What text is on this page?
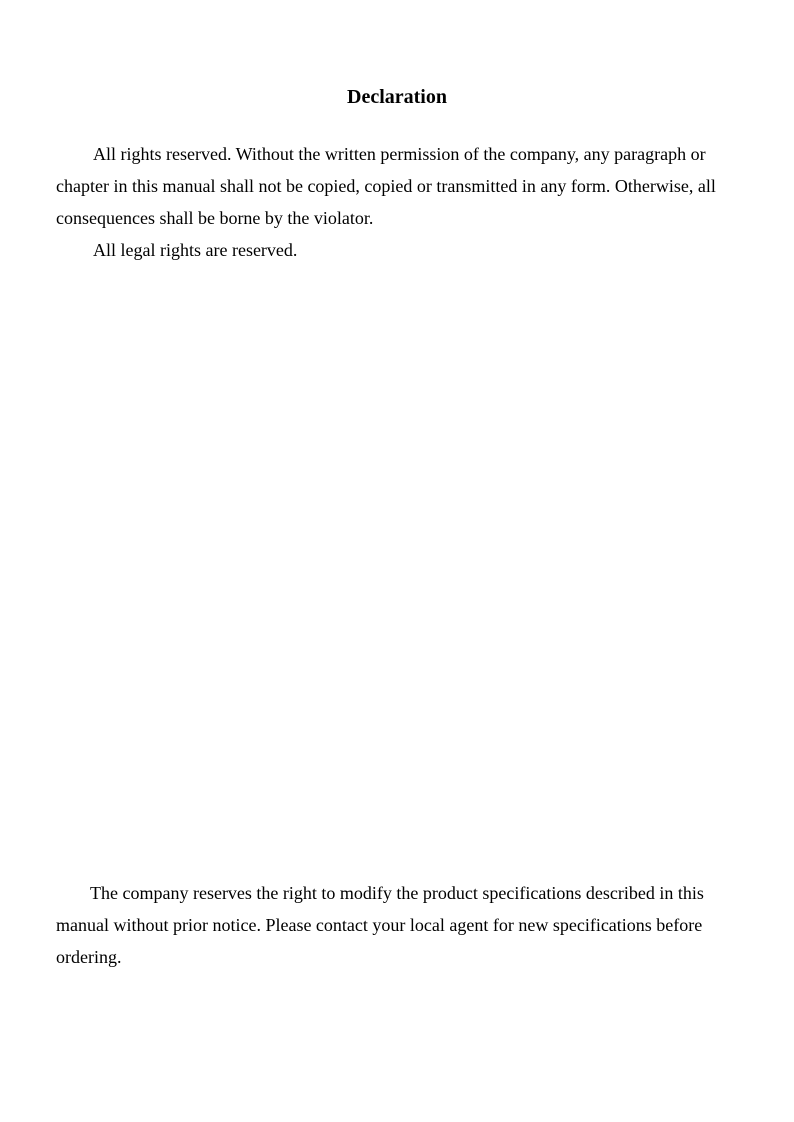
Declaration

All rights reserved. Without the written permission of the company, any paragraph or chapter in this manual shall not be copied, copied or transmitted in any form. Otherwise, all consequences shall be borne by the violator.

All legal rights are reserved.

The company reserves the right to modify the product specifications described in this manual without prior notice. Please contact your local agent for new specifications before ordering.
